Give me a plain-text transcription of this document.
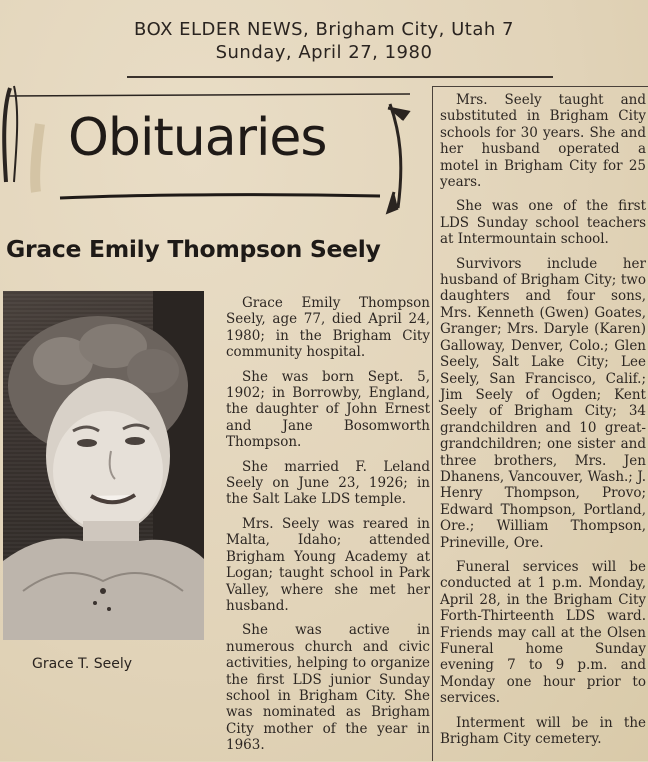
BOX ELDER NEWS, Brigham City, Utah 7
Sunday, April 27, 1980
Obituaries
Grace Emily Thompson Seely
Grace T. Seely

Grace Emily Thompson Seely, age 77, died April 24, 1980; in the Brigham City community hospital.

She was born Sept. 5, 1902; in Borrowby, England, the daughter of John Ernest and Jane Bosomworth Thompson.

She married F. Leland Seely on June 23, 1926; in the Salt Lake LDS temple.

Mrs. Seely was reared in Malta, Idaho; attended Brigham Young Academy at Logan; taught school in Park Valley, where she met her husband.

She was active in numerous church and civic activities, helping to organize the first LDS junior Sunday school in Brigham City. She was nominated as Brigham City mother of the year in 1963.

Mrs. Seely taught and substituted in Brigham City schools for 30 years. She and her husband operated a motel in Brigham City for 25 years.

She was one of the first LDS Sunday school teachers at Intermountain school.

Survivors include her husband of Brigham City; two daughters and four sons, Mrs. Kenneth (Gwen) Goates, Granger; Mrs. Daryle (Karen) Galloway, Denver, Colo.; Glen Seely, Salt Lake City; Lee Seely, San Francisco, Calif.; Jim Seely of Ogden; Kent Seely of Brigham City; 34 grandchildren and 10 great-grandchildren; one sister and three brothers, Mrs. Jen Dhanens, Vancouver, Wash.; J. Henry Thompson, Provo; Edward Thompson, Portland, Ore.; William Thompson, Prineville, Ore.

Funeral services will be conducted at 1 p.m. Monday, April 28, in the Brigham City Forth-Thirteenth LDS ward. Friends may call at the Olsen Funeral home Sunday evening 7 to 9 p.m. and Monday one hour prior to services.

Interment will be in the Brigham City cemetery.
